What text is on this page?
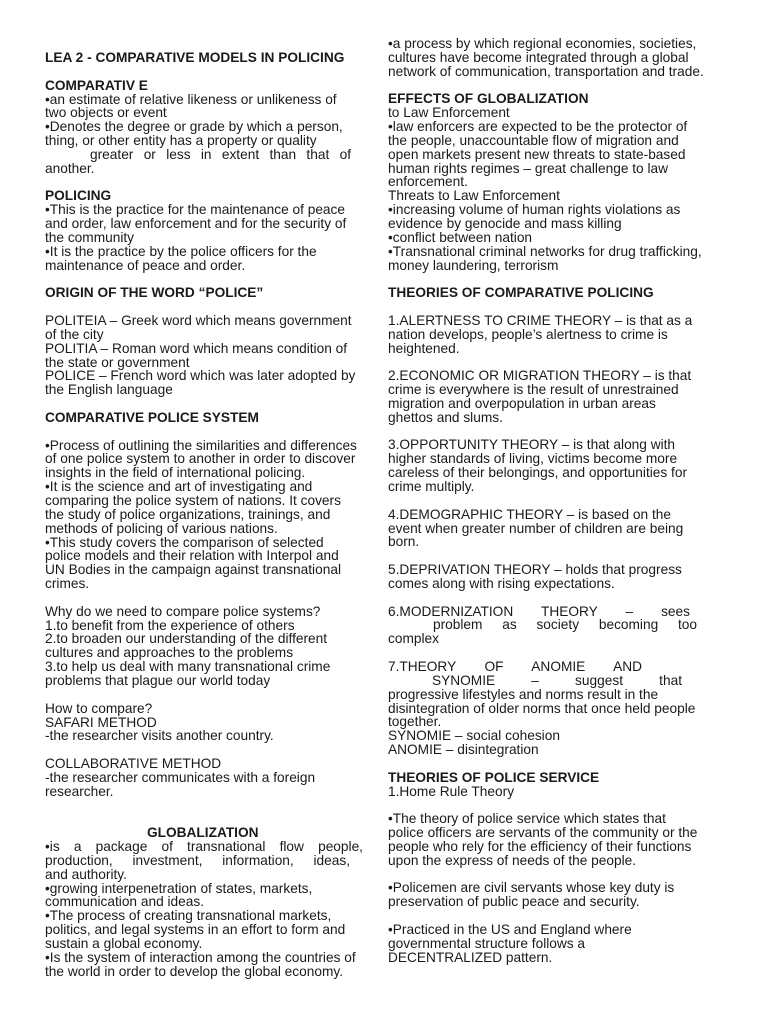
LEA 2 - COMPARATIVE MODELS IN POLICING
COMPARATIV E
•an estimate of relative likeness or unlikeness of
two objects or event
•Denotes the degree or grade by which a person,
thing, or other entity has a property or quality
greater or less in extent than that of
another.
POLICING
•This is the practice for the maintenance of peace
and order, law enforcement and for the security of
the community
•It is the practice by the police officers for the
maintenance of peace and order.
ORIGIN OF THE WORD “POLICE”
POLITEIA – Greek word which means government
of the city
POLITIA – Roman word which means condition of
the state or government
POLICE – French word which was later adopted by
the English language
COMPARATIVE POLICE SYSTEM
•Process of outlining the similarities and differences
of one police system to another in order to discover
insights in the field of international policing.
•It is the science and art of investigating and
comparing the police system of nations. It covers
the study of police organizations, trainings, and
methods of policing of various nations.
•This study covers the comparison of selected
police models and their relation with Interpol and
UN Bodies in the campaign against transnational
crimes.
Why do we need to compare police systems?
1.to benefit from the experience of others
2.to broaden our understanding of the different
cultures and approaches to the problems
3.to help us deal with many transnational crime
problems that plague our world today
How to compare?
SAFARI METHOD
-the researcher visits another country.
COLLABORATIVE METHOD
-the researcher communicates with a foreign
researcher.
GLOBALIZATION
•is a package of transnational flow people,
production, investment, information, ideas,
and authority.
•growing interpenetration of states, markets,
communication and ideas.
•The process of creating transnational markets,
politics, and legal systems in an effort to form and
sustain a global economy.
•Is the system of interaction among the countries of
the world in order to develop the global economy.
•a process by which regional economies, societies,
cultures have become integrated through a global
network of communication, transportation and trade.
EFFECTS OF GLOBALIZATION
to Law Enforcement
•law enforcers are expected to be the protector of
the people, unaccountable flow of migration and
open markets present new threats to state-based
human rights regimes – great challenge to law
enforcement.
Threats to Law Enforcement
•increasing volume of human rights violations as
evidence by genocide and mass killing
•conflict between nation
•Transnational criminal networks for drug trafficking,
money laundering, terrorism
THEORIES OF COMPARATIVE POLICING
1.ALERTNESS TO CRIME THEORY – is that as a
nation develops, people’s alertness to crime is
heightened.
2.ECONOMIC OR MIGRATION THEORY – is that
crime is everywhere is the result of unrestrained
migration and overpopulation in urban areas
ghettos and slums.
3.OPPORTUNITY THEORY – is that along with
higher standards of living, victims become more
careless of their belongings, and opportunities for
crime multiply.
4.DEMOGRAPHIC THEORY – is based on the
event when greater number of children are being
born.
5.DEPRIVATION THEORY – holds that progress
comes along with rising expectations.
6.MODERNIZATION THEORY – sees
problem as society becoming too
complex
7.THEORY OF ANOMIE AND
SYNOMIE – suggest that
progressive lifestyles and norms result in the
disintegration of older norms that once held people
together.
SYNOMIE – social cohesion
ANOMIE – disintegration
THEORIES OF POLICE SERVICE
1.Home Rule Theory
•The theory of police service which states that
police officers are servants of the community or the
people who rely for the efficiency of their functions
upon the express of needs of the people.
•Policemen are civil servants whose key duty is
preservation of public peace and security.
•Practiced in the US and England where
governmental structure follows a
DECENTRALIZED pattern.
